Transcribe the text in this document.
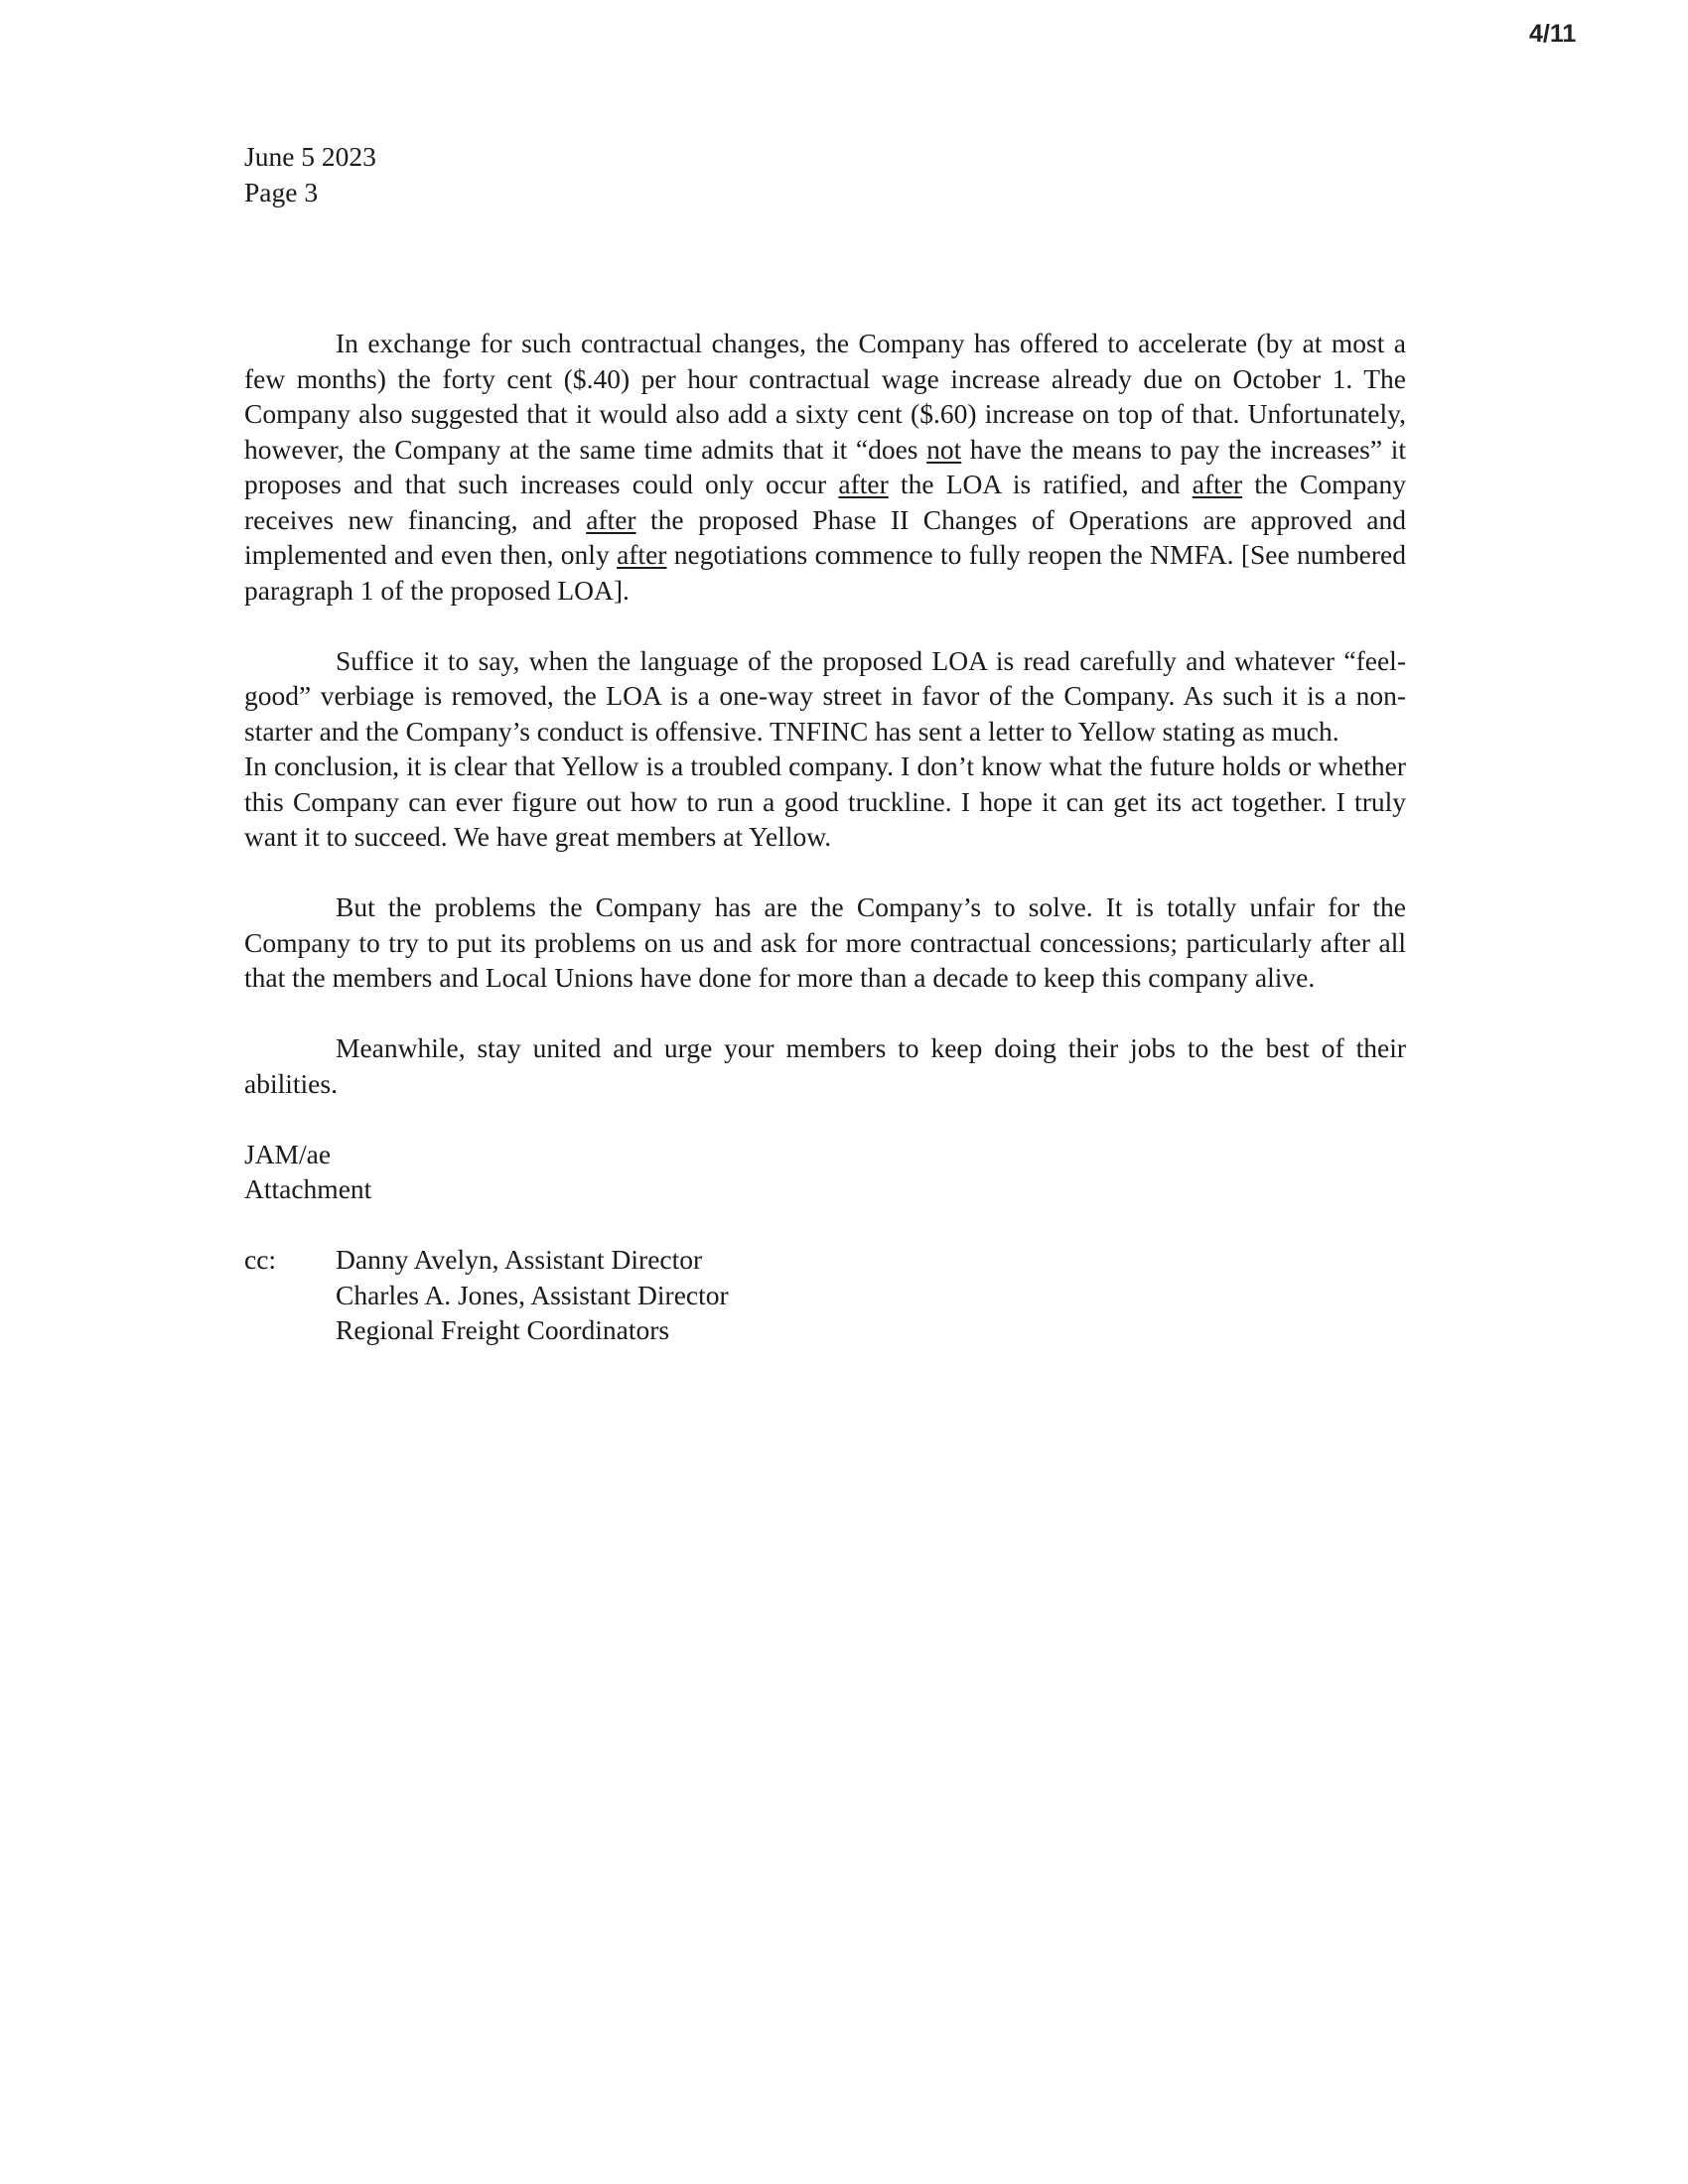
4/11

June 5 2023

Page 3

In exchange for such contractual changes, the Company has offered to accelerate (by at most a few months) the forty cent ($.40) per hour contractual wage increase already due on October 1. The Company also suggested that it would also add a sixty cent ($.60) increase on top of that. Unfortunately, however, the Company at the same time admits that it “does not have the means to pay the increases” it proposes and that such increases could only occur after the LOA is ratified, and after the Company receives new financing, and after the proposed Phase II Changes of Operations are approved and implemented and even then, only after negotiations commence to fully reopen the NMFA. [See numbered paragraph 1 of the proposed LOA].

Suffice it to say, when the language of the proposed LOA is read carefully and whatever “feel-good” verbiage is removed, the LOA is a one-way street in favor of the Company. As such it is a non-starter and the Company’s conduct is offensive. TNFINC has sent a letter to Yellow stating as much.

In conclusion, it is clear that Yellow is a troubled company. I don’t know what the future holds or whether this Company can ever figure out how to run a good truckline. I hope it can get its act together. I truly want it to succeed. We have great members at Yellow.

But the problems the Company has are the Company’s to solve. It is totally unfair for the Company to try to put its problems on us and ask for more contractual concessions; particularly after all that the members and Local Unions have done for more than a decade to keep this company alive.

Meanwhile, stay united and urge your members to keep doing their jobs to the best of their abilities.

JAM/ae

Attachment

cc:	Danny Avelyn, Assistant Director
Charles A. Jones, Assistant Director
Regional Freight Coordinators
